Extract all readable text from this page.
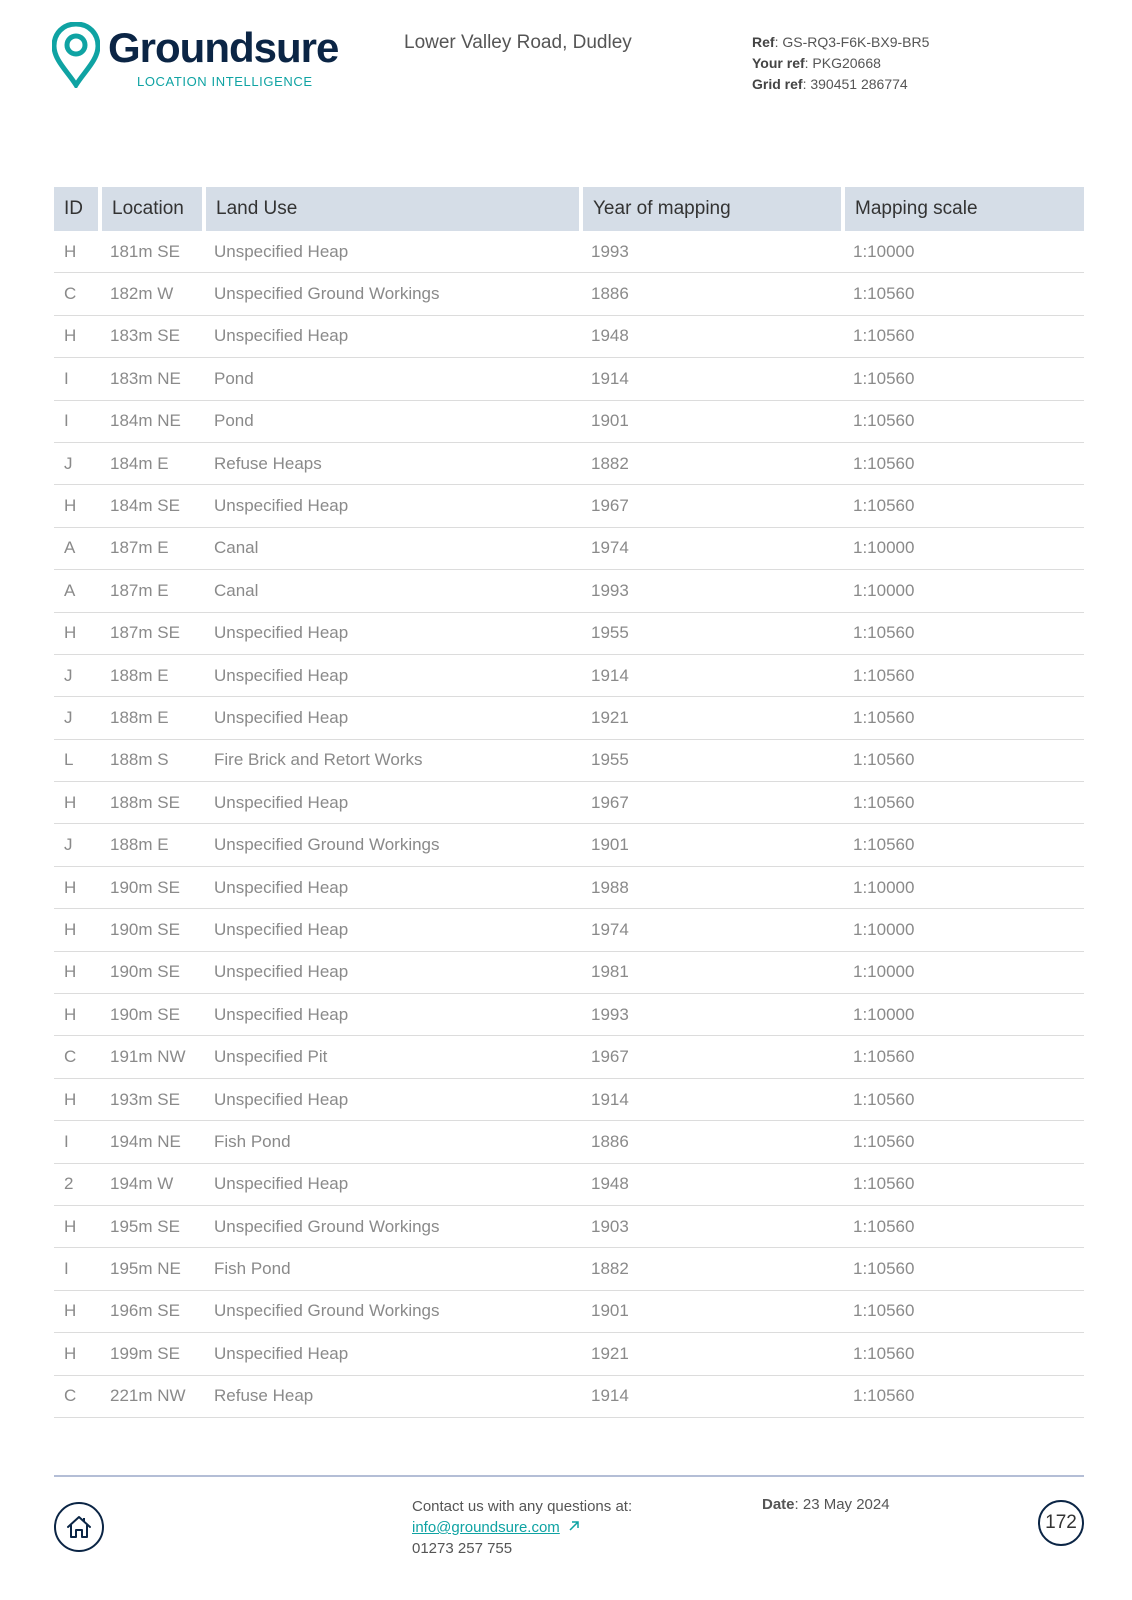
Groundsure
LOCATION INTELLIGENCE
Lower Valley Road, Dudley	Ref: GS-RQ3-F6K-BX9-BR5
Your ref: PKG20668
Grid ref: 390451 286774
ID	Location	Land Use	Year of mapping	Mapping scale
H	181m SE	Unspecified Heap	1993	1:10000
C	182m W	Unspecified Ground Workings	1886	1:10560
H	183m SE	Unspecified Heap	1948	1:10560
I	183m NE	Pond	1914	1:10560
I	184m NE	Pond	1901	1:10560
J	184m E	Refuse Heaps	1882	1:10560
H	184m SE	Unspecified Heap	1967	1:10560
A	187m E	Canal	1974	1:10000
A	187m E	Canal	1993	1:10000
H	187m SE	Unspecified Heap	1955	1:10560
J	188m E	Unspecified Heap	1914	1:10560
J	188m E	Unspecified Heap	1921	1:10560
L	188m S	Fire Brick and Retort Works	1955	1:10560
H	188m SE	Unspecified Heap	1967	1:10560
J	188m E	Unspecified Ground Workings	1901	1:10560
H	190m SE	Unspecified Heap	1988	1:10000
H	190m SE	Unspecified Heap	1974	1:10000
H	190m SE	Unspecified Heap	1981	1:10000
H	190m SE	Unspecified Heap	1993	1:10000
C	191m NW	Unspecified Pit	1967	1:10560
H	193m SE	Unspecified Heap	1914	1:10560
I	194m NE	Fish Pond	1886	1:10560
2	194m W	Unspecified Heap	1948	1:10560
H	195m SE	Unspecified Ground Workings	1903	1:10560
I	195m NE	Fish Pond	1882	1:10560
H	196m SE	Unspecified Ground Workings	1901	1:10560
H	199m SE	Unspecified Heap	1921	1:10560
C	221m NW	Refuse Heap	1914	1:10560
Contact us with any questions at:
info@groundsure.com
01273 257 755
Date: 23 May 2024
172
